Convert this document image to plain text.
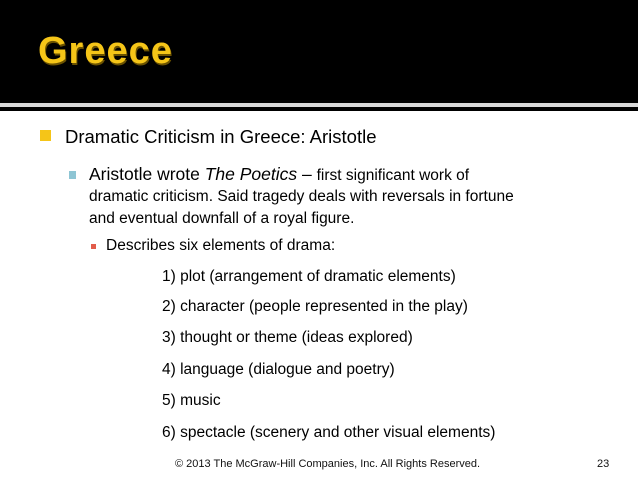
Greece
Dramatic Criticism in Greece: Aristotle
Aristotle wrote The Poetics – first significant work of
dramatic criticism. Said tragedy deals with reversals in fortune
and eventual downfall of a royal figure.
Describes six elements of drama:
1) plot (arrangement of dramatic elements)
2) character (people represented in the play)
3) thought or theme (ideas explored)
4) language (dialogue and poetry)
5) music
6) spectacle (scenery and other visual elements)
© 2013 The McGraw-Hill Companies, Inc. All Rights Reserved.	23
